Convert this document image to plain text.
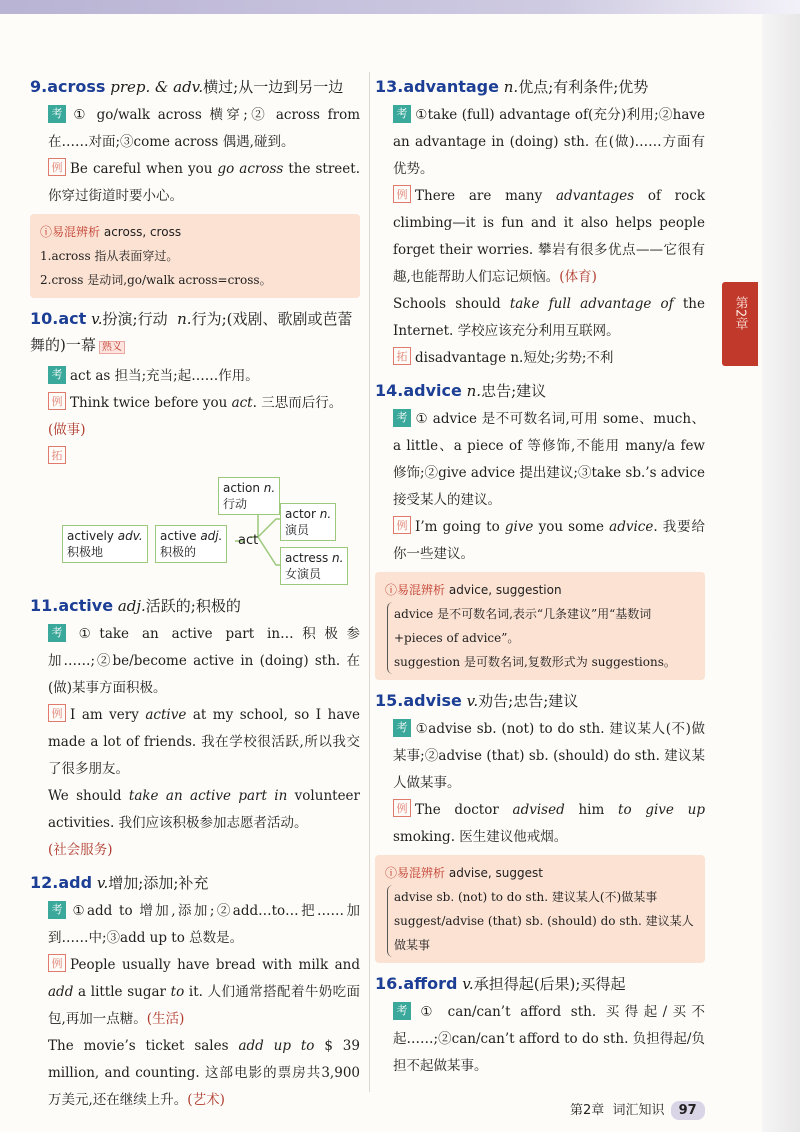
第2章
9.across prep. & adv.横过;从一边到另一边
考 ① go/walk across 横穿;② across from 在……对面;③come across 偶遇,碰到。
例 Be careful when you go across the street. 你穿过街道时要小心。
ⓘ易混辨析 across, cross
1.across 指从表面穿过。
2.cross 是动词,go/walk across=cross。
10.act v.扮演;行动 n.行为;(戏剧、歌剧或芭蕾舞的)一幕 熟义
考 act as 担当;充当;起……作用。
例 Think twice before you act. 三思而后行。
(做事)
拓
action n.
行动
actor n.
演员
actress n.
女演员
actively adv.
积极地
active adj.
积极的
act
11.active adj.活跃的;积极的
考 ①take an active part in…积极参加……;②be/become active in (doing) sth. 在(做)某事方面积极。
例 I am very active at my school, so I have made a lot of friends. 我在学校很活跃,所以我交了很多朋友。
We should take an active part in volunteer activities. 我们应该积极参加志愿者活动。
(社会服务)
12.add v.增加;添加;补充
考 ①add to 增加,添加;②add…to…把……加到……中;③add up to 总数是。
例 People usually have bread with milk and add a little sugar to it. 人们通常搭配着牛奶吃面包,再加一点糖。(生活)
The movie’s ticket sales add up to $ 39 million, and counting. 这部电影的票房共3,900万美元,还在继续上升。(艺术)
13.advantage n.优点;有利条件;优势
考 ①take (full) advantage of(充分)利用;②have an advantage in (doing) sth. 在(做)……方面有优势。
例 There are many advantages of rock climbing—it is fun and it also helps people forget their worries. 攀岩有很多优点——它很有趣,也能帮助人们忘记烦恼。(体育)
Schools should take full advantage of the Internet. 学校应该充分利用互联网。
拓 disadvantage n.短处;劣势;不利
14.advice n.忠告;建议
考 ① advice 是不可数名词,可用 some、much、a little、a piece of 等修饰,不能用 many/a few 修饰;②give advice 提出建议;③take sb.’s advice 接受某人的建议。
例 I’m going to give you some advice. 我要给你一些建议。
ⓘ易混辨析 advice, suggestion
advice 是不可数名词,表示“几条建议”用“基数词+pieces of advice”。
suggestion 是可数名词,复数形式为 suggestions。
15.advise v.劝告;忠告;建议
考 ①advise sb. (not) to do sth. 建议某人(不)做某事;②advise (that) sb. (should) do sth. 建议某人做某事。
例 The doctor advised him to give up smoking. 医生建议他戒烟。
ⓘ易混辨析 advise, suggest
advise sb. (not) to do sth. 建议某人(不)做某事
suggest/advise (that) sb. (should) do sth. 建议某人做某事
16.afford v.承担得起(后果);买得起
考 ① can/can’t afford sth. 买得起/买不起……;②can/can’t afford to do sth. 负担得起/负担不起做某事。
第2章 词汇知识 97
